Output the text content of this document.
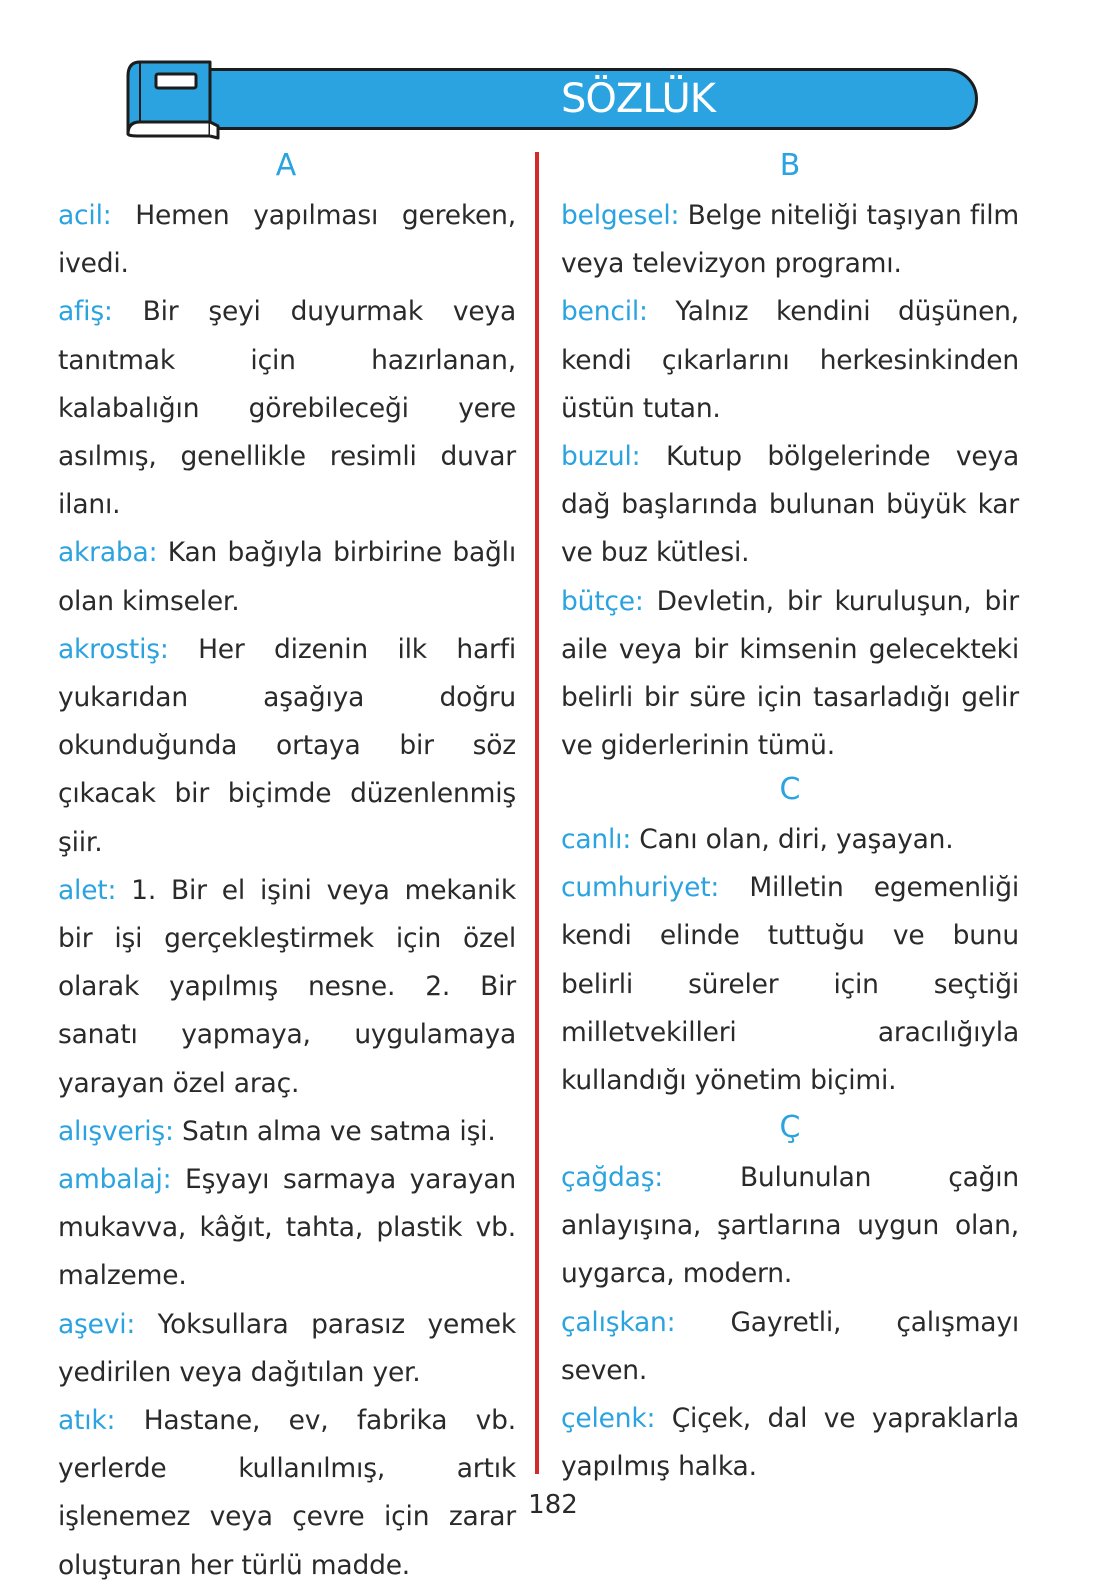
SÖZLÜK
A	B

acil: Hemen yapılması gereken, ivedi.

afiş: Bir şeyi duyurmak veya tanıtmak için hazırlanan, kalabalığın görebileceği yere asılmış, genellikle resimli duvar ilanı.

akraba: Kan bağıyla birbirine bağlı olan kimseler.

akrostiş: Her dizenin ilk harfi yukarıdan aşağıya doğru okunduğunda ortaya bir söz çıkacak bir biçimde düzenlenmiş şiir.

alet: 1. Bir el işini veya mekanik bir işi gerçekleştirmek için özel olarak yapılmış nesne. 2. Bir sanatı yapmaya, uygulamaya yarayan özel araç.

alışveriş: Satın alma ve satma işi.

ambalaj: Eşyayı sarmaya yarayan mukavva, kâğıt, tahta, plastik vb. malzeme.

aşevi: Yoksullara parasız yemek yedirilen veya dağıtılan yer.

atık: Hastane, ev, fabrika vb. yerlerde kullanılmış, artık işlenemez veya çevre için zarar oluşturan her türlü madde.

belgesel: Belge niteliği taşıyan film veya televizyon programı.

bencil: Yalnız kendini düşünen, kendi çıkarlarını herkesinkinden üstün tutan.

buzul: Kutup bölgelerinde veya dağ başlarında bulunan büyük kar ve buz kütlesi.

bütçe: Devletin, bir kuruluşun, bir aile veya bir kimsenin gelecekteki belirli bir süre için tasarladığı gelir ve giderlerinin tümü.

C

canlı: Canı olan, diri, yaşayan.

cumhuriyet: Milletin egemenliği kendi elinde tuttuğu ve bunu belirli süreler için seçtiği milletvekilleri aracılığıyla kullandığı yönetim biçimi.

Ç

çağdaş:	Bulunulan çağın anlayışına, şartlarına uygun olan, uygarca, modern.

çalışkan: Gayretli, çalışmayı seven.

çelenk: Çiçek, dal ve yapraklarla yapılmış halka.

182
